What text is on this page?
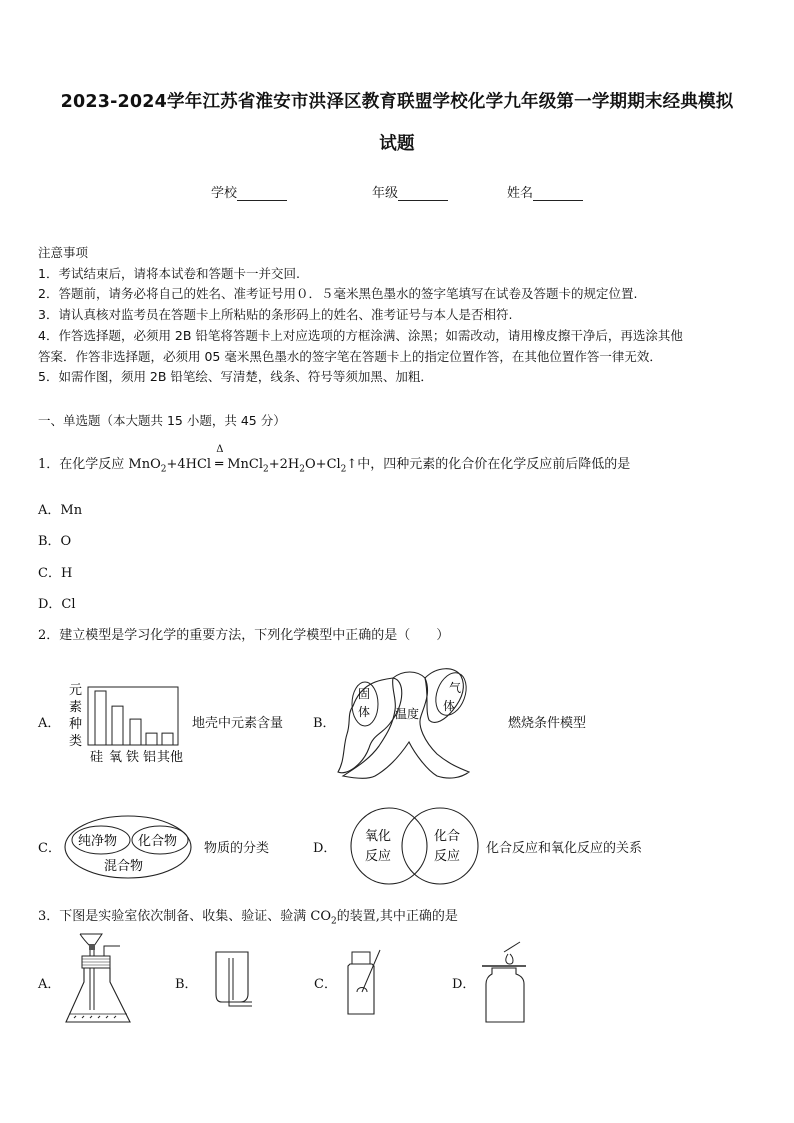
2023-2024学年江苏省淮安市洪泽区教育联盟学校化学九年级第一学期期末经典模拟
试题
学校	年级	姓名

注意事项

1．考试结束后，请将本试卷和答题卡一并交回.

2．答题前，请务必将自己的姓名、准考证号用０．５毫米黑色墨水的签字笔填写在试卷及答题卡的规定位置.

3．请认真核对监考员在答题卡上所粘贴的条形码上的姓名、准考证号与本人是否相符.

4．作答选择题，必须用 2B 铅笔将答题卡上对应选项的方框涂满、涂黑；如需改动，请用橡皮擦干净后，再选涂其他

答案．作答非选择题，必须用 05 毫米黑色墨水的签字笔在答题卡上的指定位置作答，在其他位置作答一律无效．

5．如需作图，须用 2B 铅笔绘、写清楚，线条、符号等须加黑、加粗．

一、单选题（本大题共 15 小题，共 45 分）
1．在化学反应 MnO$_2$+4HCl
Δ
═ $MnCl_2+2H_2O+Cl_2↑$中，四种元素的化合价在化学反应前后降低的是
A．Mn
B．O
C．H
D．Cl
2．建立模型是学习化学的重要方法，下列化学模型中正确的是（　　）
A．
元
素
种
类
硅 氧 铁 铝 其他
地壳中元素含量 B．
固
体
气
体
温度
燃烧条件模型
C． 纯净物 化合物
混合物
物质的分类	D．
氧化
反应
化合
反应
化合反应和氧化反应的关系
3．下图是实验室依次制备、收集、验证、验满 $CO_2$的装置,其中正确的是
A．	B．	C．	D．
